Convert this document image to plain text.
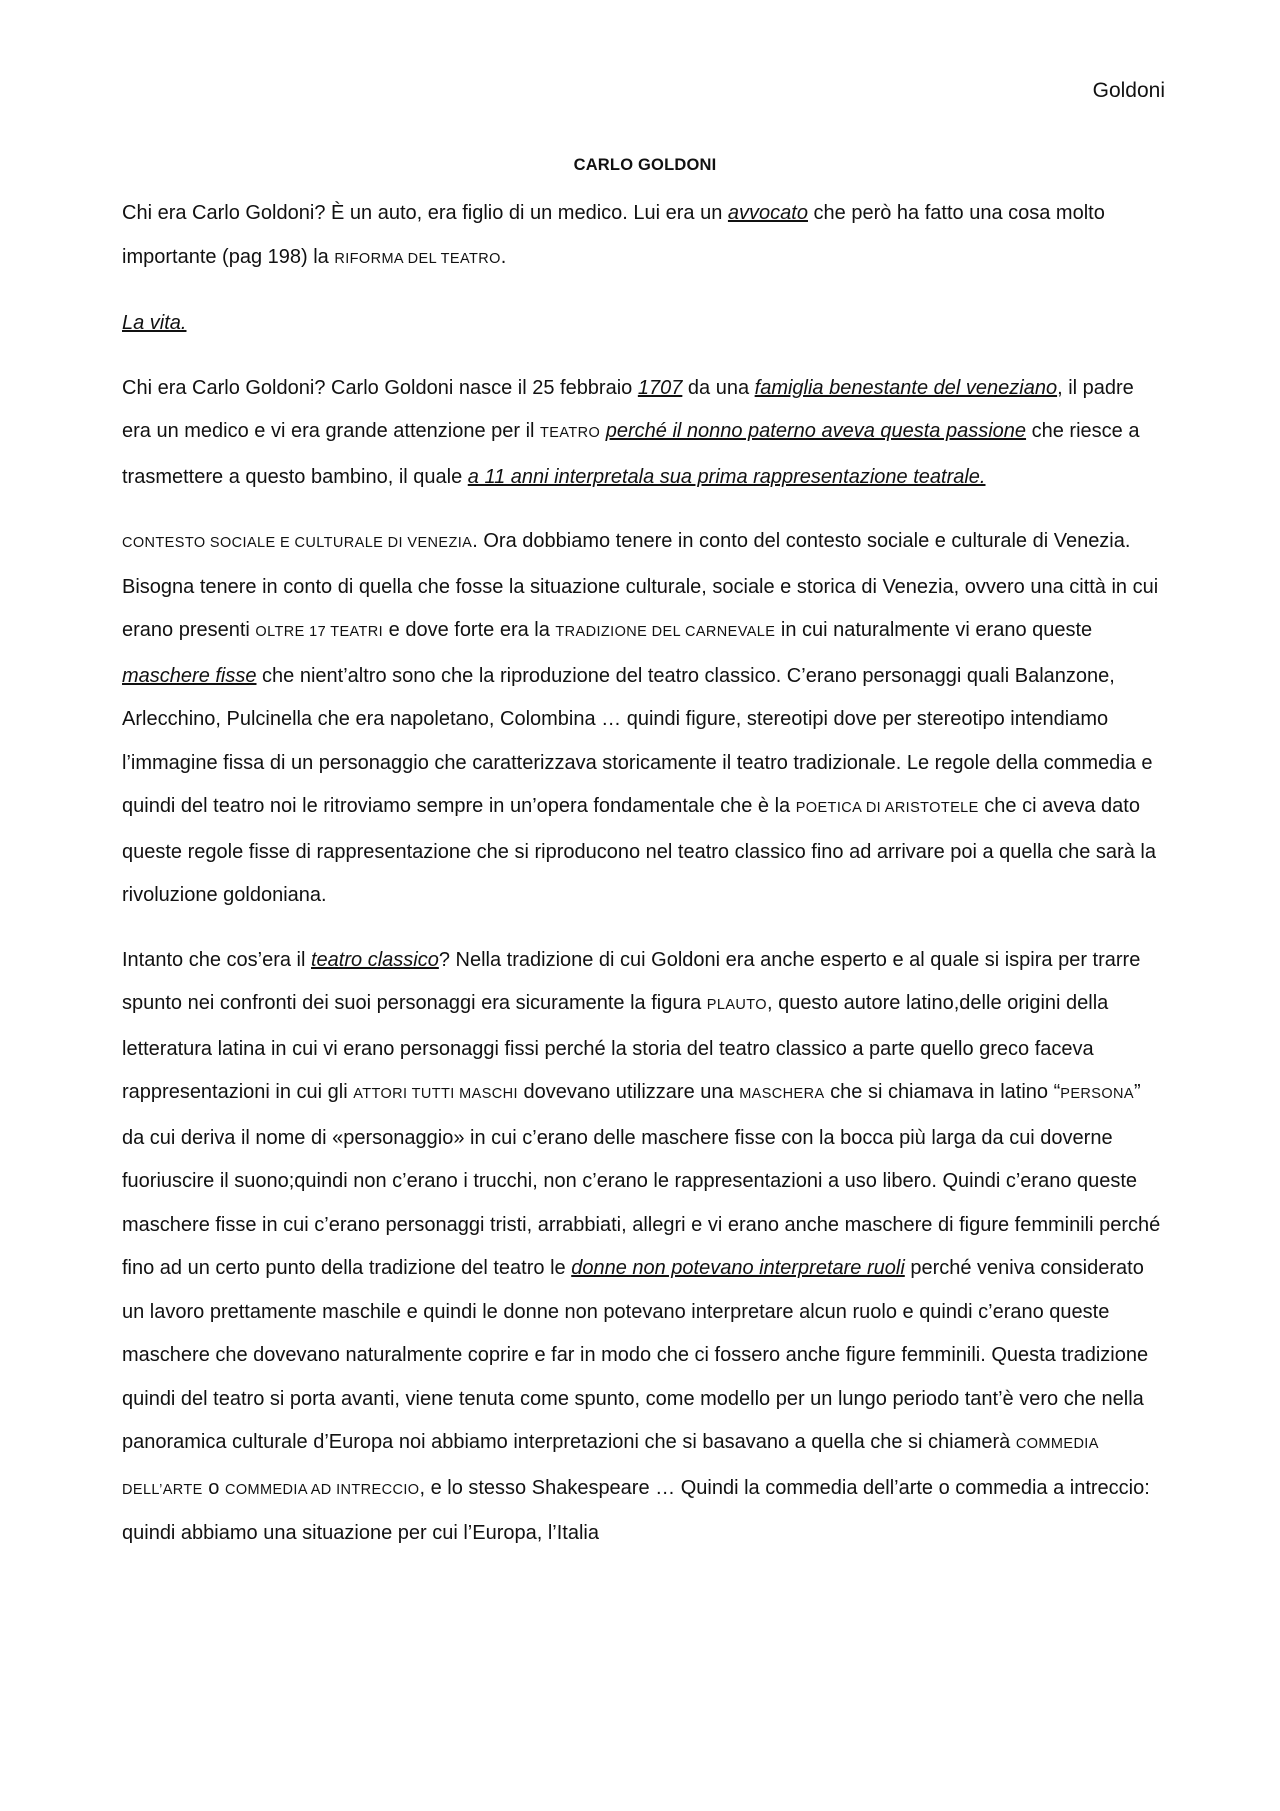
Goldoni
CARLO GOLDONI

Chi era Carlo Goldoni? È un auto, era figlio di un medico. Lui era un avvocato che però ha fatto una cosa molto importante (pag 198) la RIFORMA DEL TEATRO.

La vita.

Chi era Carlo Goldoni? Carlo Goldoni nasce il 25 febbraio 1707 da una famiglia benestante del veneziano, il padre era un medico e vi era grande attenzione per il TEATRO perché il nonno paterno aveva questa passione che riesce a trasmettere a questo bambino, il quale a 11 anni interpretala sua prima rappresentazione teatrale.

CONTESTO SOCIALE E CULTURALE DI VENEZIA. Ora dobbiamo tenere in conto del contesto sociale e culturale di Venezia. Bisogna tenere in conto di quella che fosse la situazione culturale, sociale e storica di Venezia, ovvero una città in cui erano presenti OLTRE 17 TEATRI e dove forte era la TRADIZIONE DEL CARNEVALE in cui naturalmente vi erano queste maschere fisse che nient’altro sono che la riproduzione del teatro classico. C’erano personaggi quali Balanzone, Arlecchino, Pulcinella che era napoletano, Colombina … quindi figure, stereotipi dove per stereotipo intendiamo l’immagine fissa di un personaggio che caratterizzava storicamente il teatro tradizionale. Le regole della commedia e quindi del teatro noi le ritroviamo sempre in un’opera fondamentale che è la POETICA DI ARISTOTELE che ci aveva dato queste regole fisse di rappresentazione che si riproducono nel teatro classico fino ad arrivare poi a quella che sarà la rivoluzione goldoniana.

Intanto che cos’era il teatro classico? Nella tradizione di cui Goldoni era anche esperto e al quale si ispira per trarre spunto nei confronti dei suoi personaggi era sicuramente la figura PLAUTO, questo autore latino,delle origini della letteratura latina in cui vi erano personaggi fissi perché la storia del teatro classico a parte quello greco faceva rappresentazioni in cui gli ATTORI TUTTI MASCHI dovevano utilizzare una MASCHERA che si chiamava in latino “PERSONA” da cui deriva il nome di «personaggio» in cui c’erano delle maschere fisse con la bocca più larga da cui doverne fuoriuscire il suono;quindi non c’erano i trucchi, non c’erano le rappresentazioni a uso libero. Quindi c’erano queste maschere fisse in cui c’erano personaggi tristi, arrabbiati, allegri e vi erano anche maschere di figure femminili perché fino ad un certo punto della tradizione del teatro le donne non potevano interpretare ruoli perché veniva considerato un lavoro prettamente maschile e quindi le donne non potevano interpretare alcun ruolo e quindi c’erano queste maschere che dovevano naturalmente coprire e far in modo che ci fossero anche figure femminili. Questa tradizione quindi del teatro si porta avanti, viene tenuta come spunto, come modello per un lungo periodo tant’è vero che nella panoramica culturale d’Europa noi abbiamo interpretazioni che si basavano a quella che si chiamerà COMMEDIA DELL’ARTE o COMMEDIA AD INTRECCIO, e lo stesso Shakespeare … Quindi la commedia dell’arte o commedia a intreccio: quindi abbiamo una situazione per cui l’Europa, l’Italia
